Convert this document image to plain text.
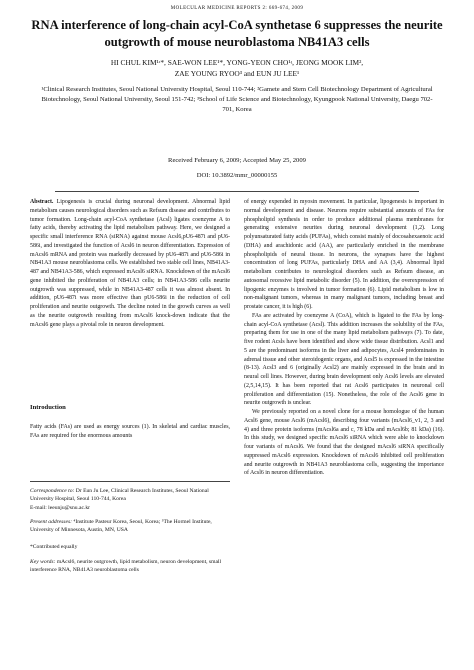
MOLECULAR MEDICINE REPORTS 2: 669-674, 2009
RNA interference of long-chain acyl-CoA synthetase 6 suppresses the neurite outgrowth of mouse neuroblastoma NB41A3 cells
HI CHUL KIM¹ʴ*, SAE-WON LEE¹*, YONG-YEON CHO¹ʵ, JEONG MOOK LIM²,
ZAE YOUNG RYOO³ and EUN JU LEE¹

¹Clinical Research Institutes, Seoul National University Hospital, Seoul 110-744; ²Gamete and Stem Cell Biotechnology Department of Agricultural Biotechnology, Seoul National University, Seoul 151-742; ³School of Life Science and Biotechnology, Kyungpook National University, Daegu 702-701, Korea

Received February 6, 2009; Accepted May 25, 2009
DOI: 10.3892/mmr_00000155

Abstract. Lipogenesis is crucial during neuronal development. Abnormal lipid metabolism causes neurological disorders such as Refsum disease and contributes to tumor formation. Long-chain acyl-CoA synthetase (Acsl) ligates coenzyme A to fatty acids, thereby activating the lipid metabolism pathway. Here, we designed a specific small interference RNA (siRNA) against mouse Acsl6,pU6-487i and pU6-586i, and investigated the function of Acsl6 in neuron differentiation. Expression of mAcsl6 mRNA and protein was markedly decreased by pU6-487i and pU6-586i in NB41A3 mouse neuroblastoma cells. We established two stable cell lines, NB41A3-487 and NB41A3-586, which expressed mAcsl6 siRNA. Knockdown of the mAcsl6 gene inhibited the proliferation of NB41A3 cells; in NB41A3-586 cells neurite outgrowth was suppressed, while in NB41A3-487 cells it was almost absent. In addition, pU6-487i was more effective than pU6-586i in the reduction of cell proliferation and neurite outgrowth. The decline noted in the growth curves as well as the neurite outgrowth resulting from mAcsl6 knock-down indicate that the mAcsl6 gene plays a pivotal role in neuron development.

Introduction

Fatty acids (FAs) are used as energy sources (1). In skeletal and cardiac muscles, FAs are required for the enormous amounts

Correspondence to: Dr Eun Ju Lee, Clinical Research Institutes, Seoul National University Hospital, Seoul 110-744, Korea

E-mail: leeunju@snu.ac.kr

Present addresses: ⁴Institute Pasteur Korea, Seoul, Korea; ⁵The Hormel Institute, University of Minnesota, Austin, MN, USA

*Contributed equally

Key words: mAcsl6, neurite outgrowth, lipid metabolism, neuron development, small interference RNA, NB41A3 neuroblastoma cells

of energy expended in myosin movement. In particular, lipogenesis is important in normal development and disease. Neurons require substantial amounts of FAs for phospholipid synthesis in order to produce additional plasma membranes for generating extensive neurites during neuronal development (1,2). Long polyunsaturated fatty acids (PUFAs), which consist mainly of docosahexaenoic acid (DHA) and arachidonic acid (AA), are particularly enriched in the membrane phospholipids of neural tissue. In neurons, the synapses have the highest concentration of long PUFAs, particularly DHA and AA (3,4). Abnormal lipid metabolism contributes to neurological disorders such as Refsum disease, an autosomal recessive lipid metabolic disorder (5). In addition, the overexpression of lipogenic enzymes is involved in tumor formation (6). Lipid metabolism is low in non-malignant tumors, whereas in many malignant tumors, including breast and prostate cancer, it is high (6).

FAs are activated by coenzyme A (CoA), which is ligated to the FAs by long-chain acyl-CoA synthetase (Acsl). This addition increases the solubility of the FAs, preparing them for use in one of the many lipid metabolism pathways (7). To date, five rodent Acsls have been identified and show wide tissue distribution. Acsl1 and 5 are the predominant isoforms in the liver and adipocytes, Acsl4 predominates in adrenal tissue and other steroidogenic organs, and Acsl5 is expressed in the intestine (8-13). Acsl3 and 6 (originally Acsl2) are mainly expressed in the brain and in neural cell lines. However, during brain development only Acsl6 levels are elevated (2,5,14,15). It has been reported that rat Acsl6 participates in neuronal cell proliferation and differentiation (15). Nonetheless, the role of the Acsl6 gene in neurite outgrowth is unclear.

We previously reported on a novel clone for a mouse homologue of the human Acsl6 gene, mouse Acsl6 (mAcsl6), describing four variants (mAcsl6_v1, 2, 3 and 4) and three protein isoforms (mAcsl6a and c, 78 kDa and mAcsl6b; 81 kDa) (16). In this study, we designed specific mAcsl6 siRNA which were able to knockdown four variants of mAcsl6. We found that the designed mAcsl6 siRNA specifically suppressed mAcsl6 expression. Knockdown of mAcsl6 inhibited cell proliferation and neurite outgrowth in NB41A3 neuroblastoma cells, suggesting the importance of Acsl6 in neuron differentiation.
